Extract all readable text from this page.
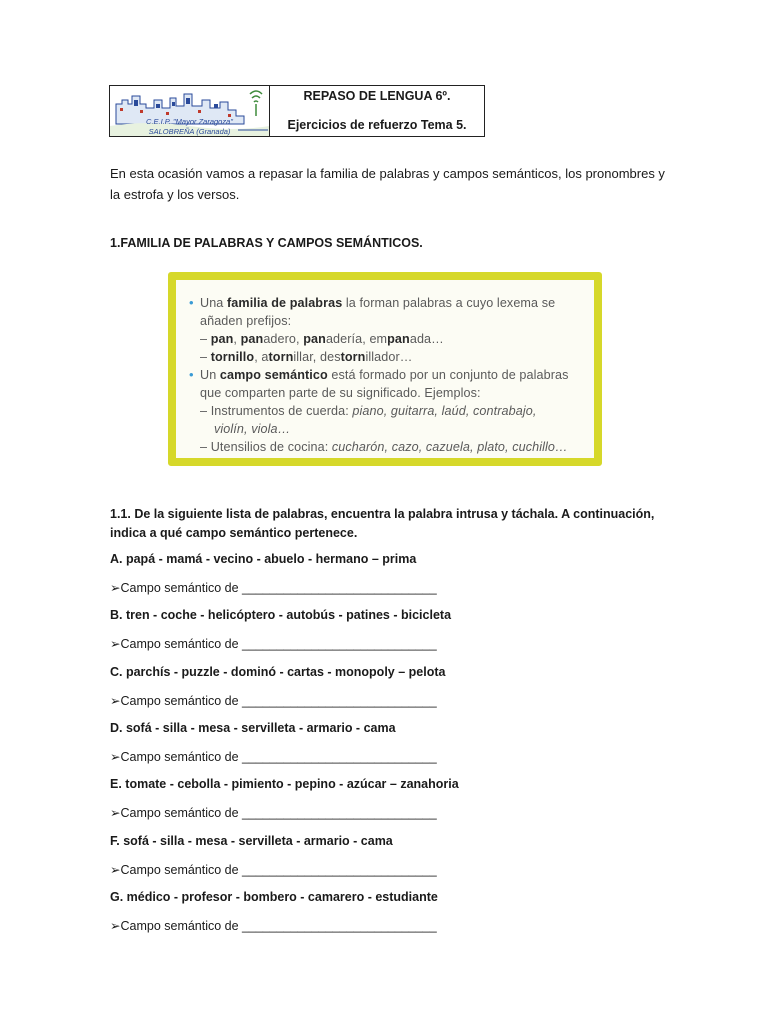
C.E.I.P. "Mayor Zaragoza"
SALOBREÑA (Granada)
REPASO DE LENGUA 6º.
Ejercicios de refuerzo Tema 5.
En esta ocasión vamos a repasar la familia de palabras y campos semánticos, los pronombres y la estrofa y los versos.
1.FAMILIA DE PALABRAS Y CAMPOS SEMÁNTICOS.
• Una familia de palabras la forman palabras a cuyo lexema se
añaden prefijos:
– pan, panadero, panadería, empanada…
– tornillo, atornillar, destornillador…
• Un campo semántico está formado por un conjunto de palabras
que comparten parte de su significado. Ejemplos:
– Instrumentos de cuerda: piano, guitarra, laúd, contrabajo,
violín, viola…
– Utensilios de cocina: cucharón, cazo, cazuela, plato, cuchillo…
1.1. De la siguiente lista de palabras, encuentra la palabra intrusa y táchala. A continuación, indica a qué campo semántico pertenece.
A. papá - mamá - vecino - abuelo - hermano – prima
➢Campo semántico de ____________________________
B. tren - coche - helicóptero - autobús - patines - bicicleta
➢Campo semántico de ____________________________
C. parchís - puzzle - dominó - cartas - monopoly – pelota
➢Campo semántico de ____________________________
D. sofá - silla - mesa - servilleta - armario - cama
➢Campo semántico de ____________________________
E. tomate - cebolla - pimiento - pepino - azúcar – zanahoria
➢Campo semántico de ____________________________
F. sofá - silla - mesa - servilleta - armario - cama
➢Campo semántico de ____________________________
G. médico - profesor - bombero - camarero - estudiante
➢Campo semántico de ____________________________
